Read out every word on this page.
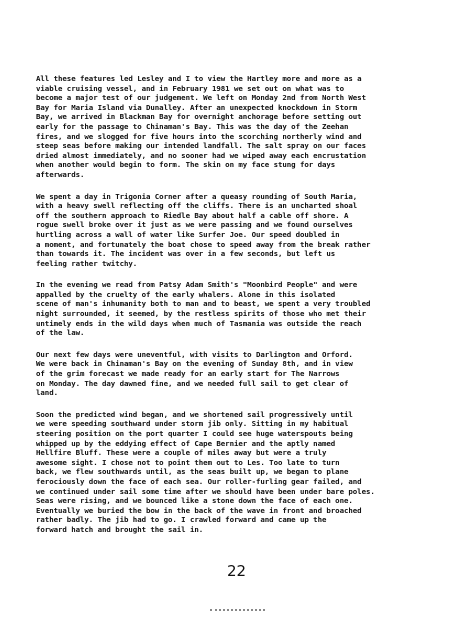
All these features led Lesley and I to view the Hartley more and more as a
viable cruising vessel, and in February 1981 we set out on what was to
become a major test of our judgement. We left on Monday 2nd from North West
Bay for Maria Island via Dunalley. After an unexpected knockdown in Storm
Bay, we arrived in Blackman Bay for overnight anchorage before setting out
early for the passage to Chinaman's Bay. This was the day of the Zeehan
fires, and we slogged for five hours into the scorching northerly wind and
steep seas before making our intended landfall. The salt spray on our faces
dried almost immediately, and no sooner had we wiped away each encrustation
when another would begin to form. The skin on my face stung for days
afterwards.

We spent a day in Trigonia Corner after a queasy rounding of South Maria,
with a heavy swell reflecting off the cliffs. There is an uncharted shoal
off the southern approach to Riedle Bay about half a cable off shore. A
rogue swell broke over it just as we were passing and we found ourselves
hurtling across a wall of water like Surfer Joe. Our speed doubled in
a moment, and fortunately the boat chose to speed away from the break rather
than towards it. The incident was over in a few seconds, but left us
feeling rather twitchy.

In the evening we read from Patsy Adam Smith's "Moonbird People" and were
appalled by the cruelty of the early whalers. Alone in this isolated
scene of man's inhumanity both to man and to beast, we spent a very troubled
night surrounded, it seemed, by the restless spirits of those who met their
untimely ends in the wild days when much of Tasmania was outside the reach
of the law.

Our next few days were uneventful, with visits to Darlington and Orford.
We were back in Chinaman's Bay on the evening of Sunday 8th, and in view
of the grim forecast we made ready for an early start for The Narrows
on Monday. The day dawned fine, and we needed full sail to get clear of
land.

Soon the predicted wind began, and we shortened sail progressively until
we were speeding southward under storm jib only. Sitting in my habitual
steering position on the port quarter I could see huge waterspouts being
whipped up by the eddying effect of Cape Bernier and the aptly named
Hellfire Bluff. These were a couple of miles away but were a truly
awesome sight. I chose not to point them out to Les. Too late to turn
back, we flew southwards until, as the seas built up, we began to plane
ferociously down the face of each sea. Our roller-furling gear failed, and
we continued under sail some time after we should have been under bare poles.
Seas were rising, and we bounced like a stone down the face of each one.
Eventually we buried the bow in the back of the wave in front and broached
rather badly. The jib had to go. I crawled forward and came up the
forward hatch and brought the sail in.

22
